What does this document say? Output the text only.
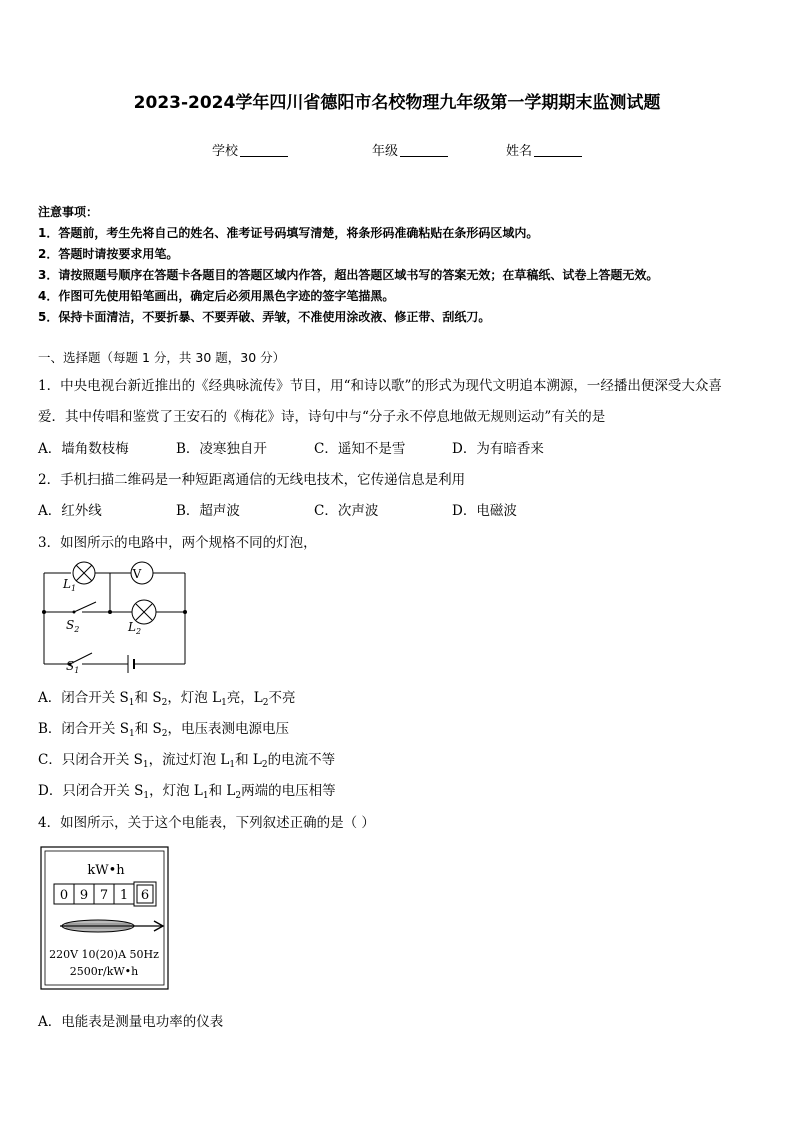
2023-2024学年四川省德阳市名校物理九年级第一学期期末监测试题
学校	年级	姓名
注意事项：
1．答题前，考生先将自己的姓名、准考证号码填写清楚，将条形码准确粘贴在条形码区域内。
2．答题时请按要求用笔。
3．请按照题号顺序在答题卡各题目的答题区域内作答，超出答题区域书写的答案无效；在草稿纸、试卷上答题无效。
4．作图可先使用铅笔画出，确定后必须用黑色字迹的签字笔描黑。
5．保持卡面清洁，不要折暴、不要弄破、弄皱，不准使用涂改液、修正带、刮纸刀。
一、选择题（每题 1 分，共 30 题，30 分）
1．中央电视台新近推出的《经典咏流传》节目，用“和诗以歌”的形式为现代文明追本溯源，一经播出便深受大众喜
爱．其中传唱和鉴赏了王安石的《梅花》诗，诗句中与“分子永不停息地做无规则运动”有关的是
A．墙角数枝梅	B．凌寒独自开	C．遥知不是雪	D．为有暗香来
2．手机扫描二维码是一种短距离通信的无线电技术，它传递信息是利用
A．红外线	B．超声波	C．次声波	D．电磁波
3．如图所示的电路中，两个规格不同的灯泡，
$L_1$
V
$S_2$	$L_2$
$S_1$
A．闭合开关 $S_1$和 $S_2$，灯泡 $L_1$亮，$L_2$不亮
B．闭合开关 $S_1$和 $S_2$，电压表测电源电压
C．只闭合开关 $S_1$，流过灯泡 $L_1$和 $L_2$的电流不等
D．只闭合开关 $S_1$，灯泡 $L_1$和 $L_2$两端的电压相等
4．如图所示，关于这个电能表，下列叙述正确的是（ ）
kW•h
0 9 7 1 6
220V 10(20)A 50Hz
2500r/kW•h
A．电能表是测量电功率的仪表
